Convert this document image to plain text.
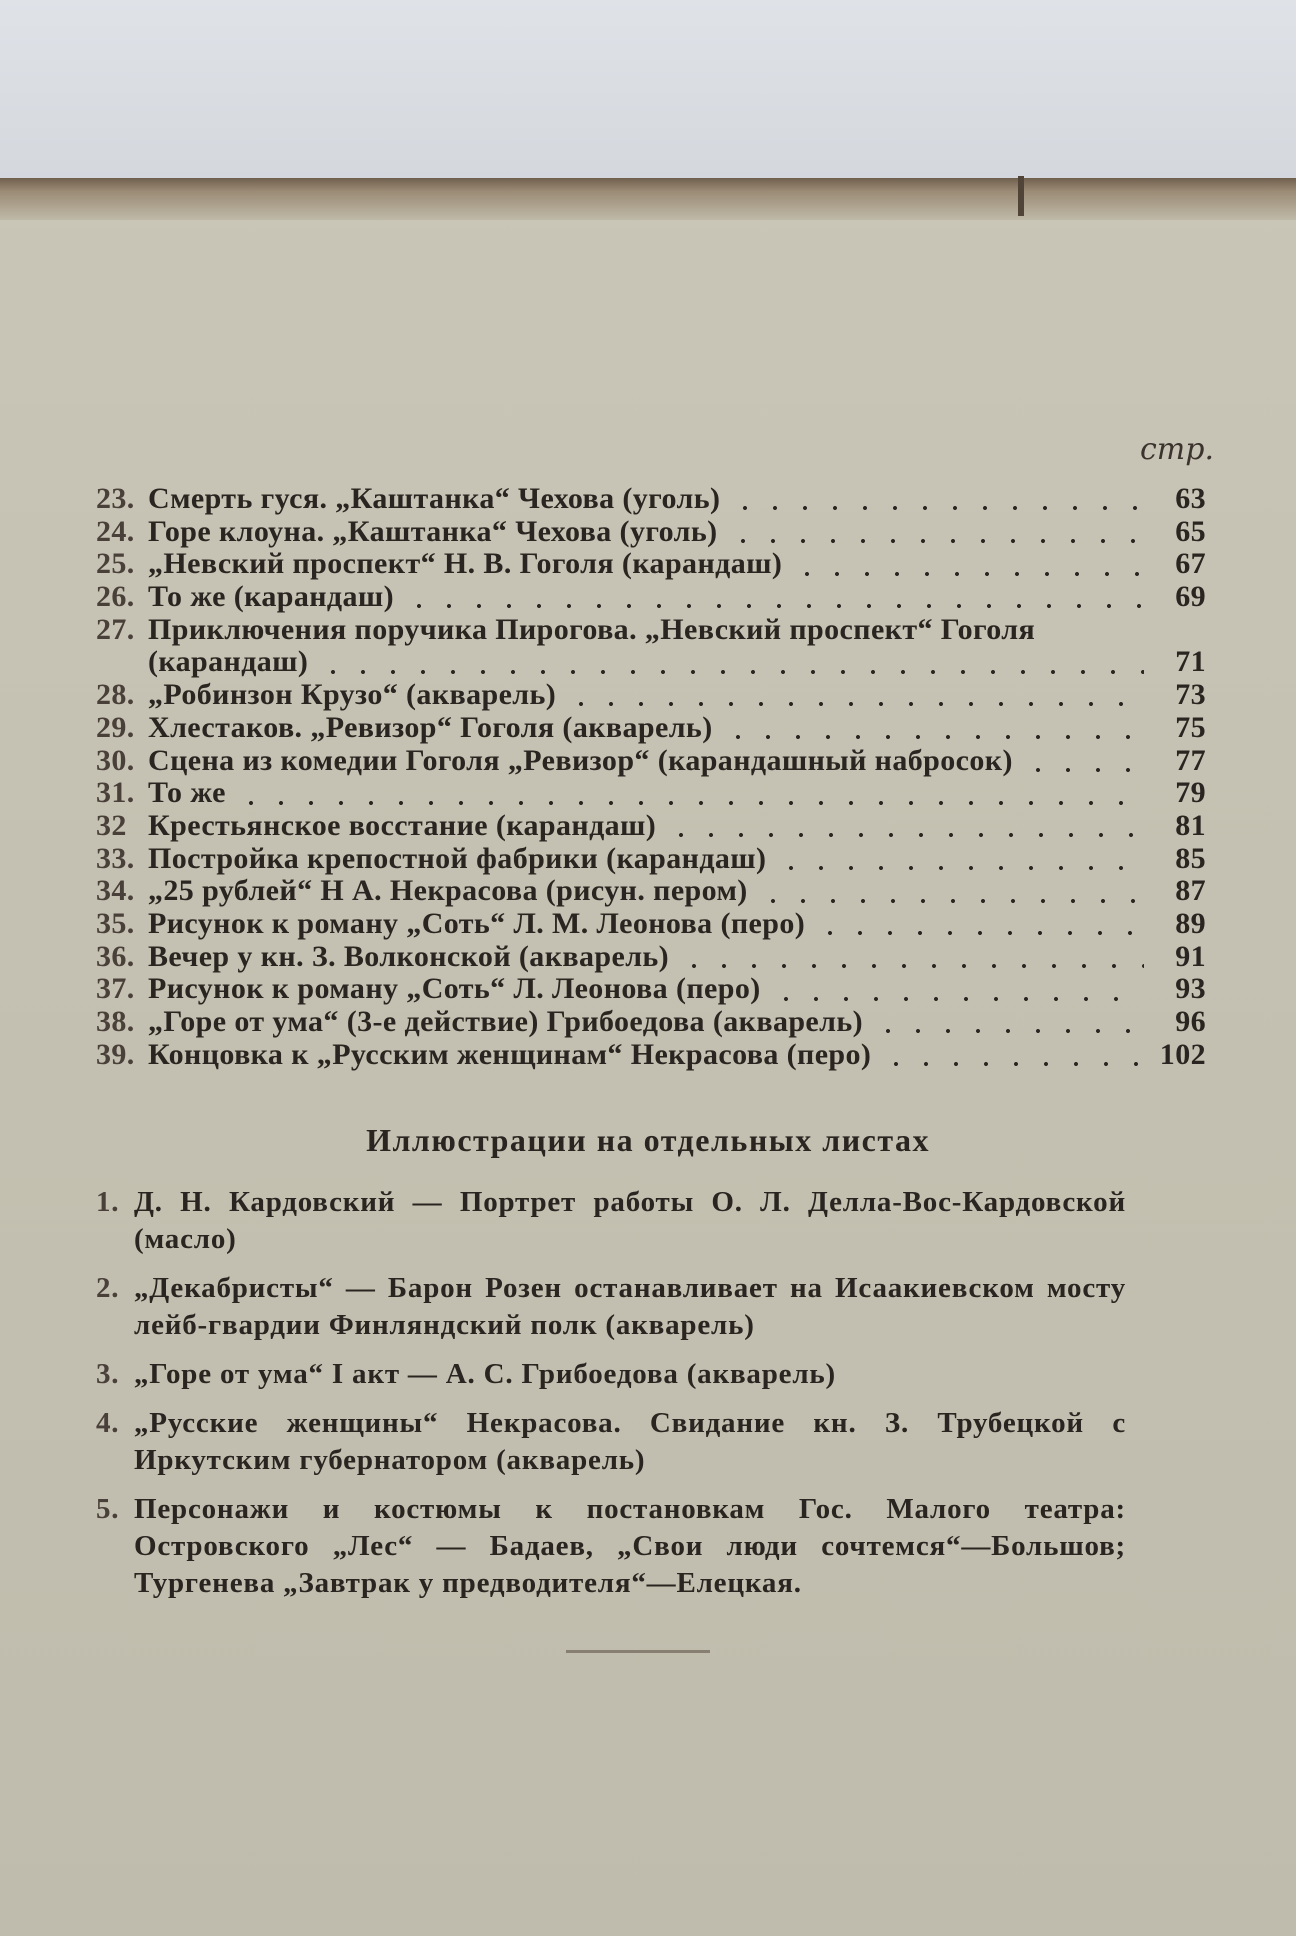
стр.
23. Смерть гуся. „Каштанка“ Чехова (уголь)	63
24. Горе клоуна. „Каштанка“ Чехова (уголь)	65
25. „Невский проспект“ Н. В. Гоголя (карандаш)	67
26. То же (карандаш)	69
27. Приключения поручика Пирогова. „Невский проспект“ Гоголя
(карандаш)	71
28. „Робинзон Крузо“ (акварель)	73
29. Хлестаков. „Ревизор“ Гоголя (акварель)	75
30. Сцена из комедии Гоголя „Ревизор“ (карандашный набросок)	77
31. То же	79
32 Крестьянское восстание (карандаш)	81
33. Постройка крепостной фабрики (карандаш)	85
34. „25 рублей“ Н А. Некрасова (рисун. пером)	87
35. Рисунок к роману „Соть“ Л. М. Леонова (перо)	89
36. Вечер у кн. З. Волконской (акварель)	91
37. Рисунок к роману „Соть“ Л. Леонова (перо)	93
38. „Горе от ума“ (3-е действие) Грибоедова (акварель)	96
39. Концовка к „Русским женщинам“ Некрасова (перо)	102
Иллюстрации на отдельных листах
1. Д. Н. Кардовский — Портрет работы О. Л. Делла-Вос-Кардовской (масло)
2. „Декабристы“ — Барон Розен останавливает на Исаакиевском мосту лейб-гвардии Финляндский полк (акварель)
3. „Горе от ума“ I акт — А. С. Грибоедова (акварель)
4. „Русские женщины“ Некрасова. Свидание кн. З. Трубецкой с Иркутским губернатором (акварель)
5. Персонажи и костюмы к постановкам Гос. Малого театра: Островского „Лес“ — Бадаев, „Свои люди сочтемся“—Большов; Тургенева „Завтрак у предводителя“—Елецкая.
